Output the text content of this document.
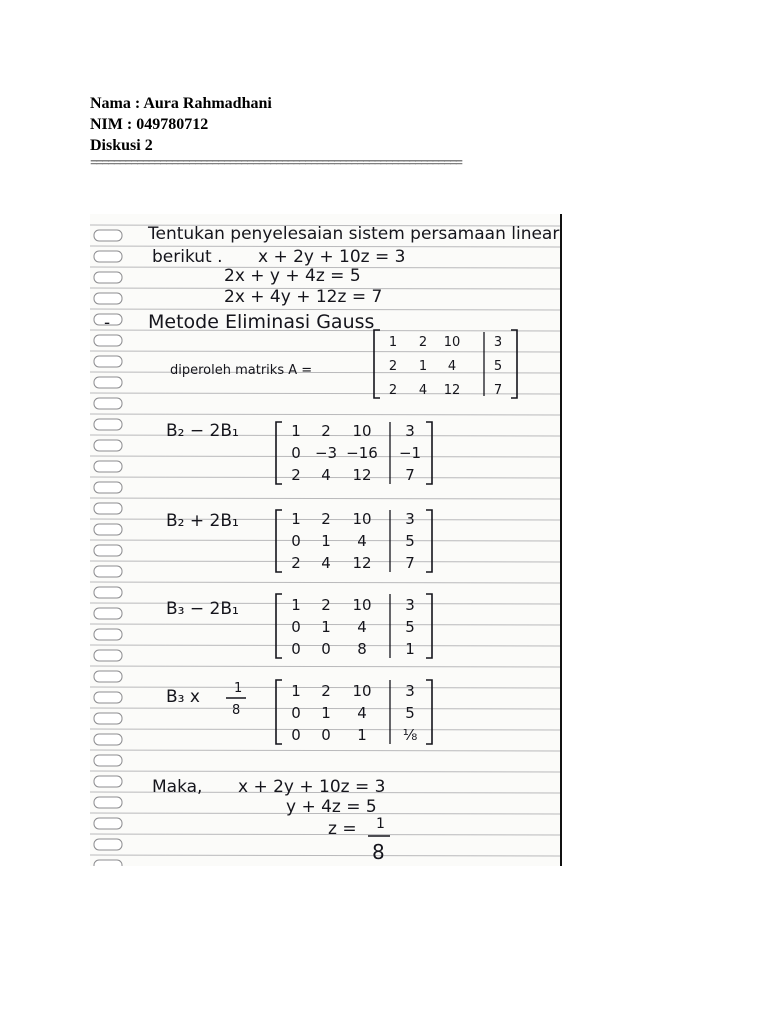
Nama : Aura Rahmadhani
NIM : 049780712
Diskusi 2
================================================================
Tentukan penyelesaian sistem persamaan linear
berikut . x + 2y + 10z = 3
2x + y + 4z = 5
2x + 4y + 12z = 7
- Metode Eliminasi Gauss
diperoleh matriks A =
1 2 10	3
2 1 4	5
2 4 12	7
B₂ − 2B₁	1 2 10 3
0 −3 −16 −1
2 4 12 7
B₂ + 2B₁	1 2 10 3
0 1 4	5
2 4 12 7
B₃ − 2B₁	1 2 10 3
0 1 4	5
0 0 8	1
B₃ x	1
8
1 2 10 3
0 1 4	5
0 0 1 ⅛
Maka, x + 2y + 10z = 3
y + 4z = 5
z = 1
8
